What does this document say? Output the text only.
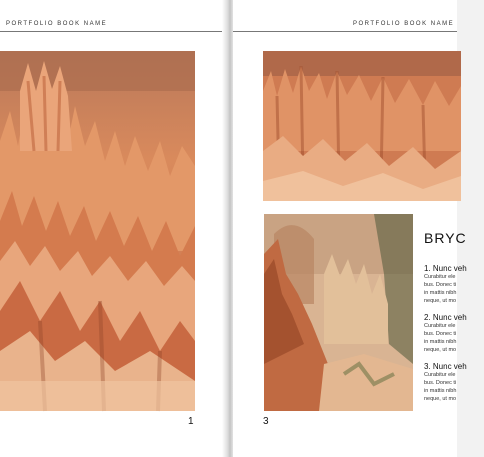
PORTFOLIO BOOK NAME
1
PORTFOLIO BOOK NAME
3
BRYC
1. Nunc veh
Curabitur ele
bus. Donec ti
in mattis nibh
neque, ut mo
2. Nunc veh
Curabitur ele
bus. Donec ti
in mattis nibh
neque, ut mo
3. Nunc veh
Curabitur ele
bus. Donec ti
in mattis nibh
neque, ut mo
